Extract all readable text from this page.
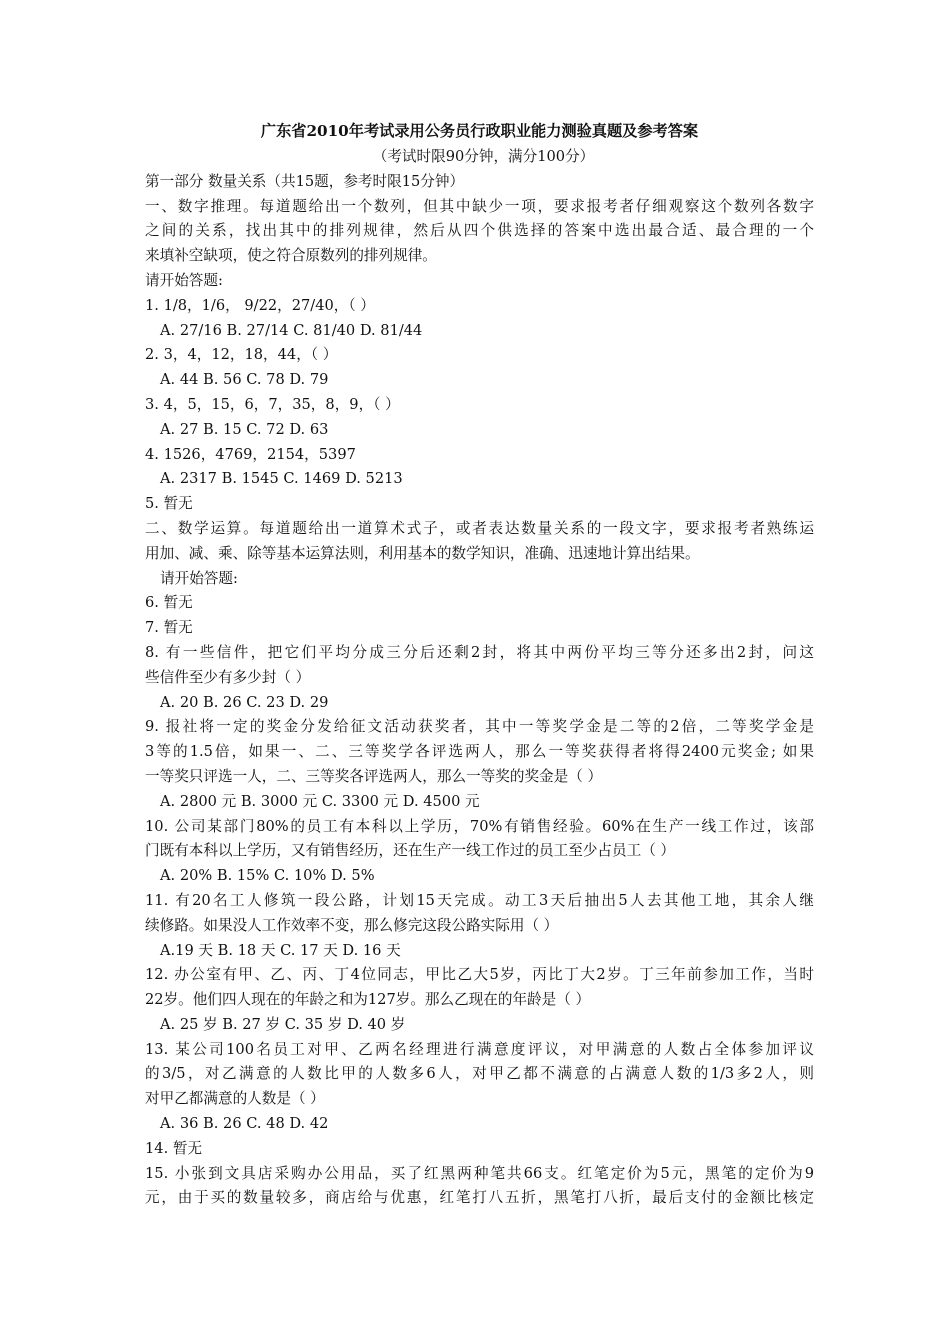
广东省2010年考试录用公务员行政职业能力测验真题及参考答案
（考试时限90分钟，满分100分）
第一部分 数量关系（共15题，参考时限15分钟）
一、数字推理。每道题给出一个数列，但其中缺少一项，要求报考者仔细观察这个数列各数字
之间的关系，找出其中的排列规律，然后从四个供选择的答案中选出最合适、最合理的一个
来填补空缺项，使之符合原数列的排列规律。
请开始答题:
1. 1/8，1/6， 9/22，27/40，（ ）
A. 27/16 B. 27/14 C. 81/40 D. 81/44
2. 3，4，12，18，44，（ ）
A. 44 B. 56 C. 78 D. 79
3. 4，5，15，6，7，35，8，9，（ ）
A. 27 B. 15 C. 72 D. 63
4. 1526，4769，2154，5397
A. 2317 B. 1545 C. 1469 D. 5213
5. 暂无
二、数学运算。每道题给出一道算术式子，或者表达数量关系的一段文字，要求报考者熟练运
用加、减、乘、除等基本运算法则，利用基本的数学知识，准确、迅速地计算出结果。
请开始答题:
6. 暂无
7. 暂无
8. 有一些信件，把它们平均分成三分后还剩2封，将其中两份平均三等分还多出2封，问这
些信件至少有多少封（ ）
A. 20 B. 26 C. 23 D. 29
9. 报社将一定的奖金分发给征文活动获奖者，其中一等奖学金是二等的2倍，二等奖学金是
3等的1.5倍，如果一、二、三等奖学各评选两人，那么一等奖获得者将得2400元奖金; 如果
一等奖只评选一人，二、三等奖各评选两人，那么一等奖的奖金是（ ）
A. 2800 元 B. 3000 元 C. 3300 元 D. 4500 元
10. 公司某部门80%的员工有本科以上学历，70%有销售经验。60%在生产一线工作过，该部
门既有本科以上学历，又有销售经历，还在生产一线工作过的员工至少占员工（ ）
A. 20% B. 15% C. 10% D. 5%
11. 有20名工人修筑一段公路，计划15天完成。动工3天后抽出5人去其他工地，其余人继
续修路。如果没人工作效率不变，那么修完这段公路实际用（ ）
A.19 天 B. 18 天 C. 17 天 D. 16 天
12. 办公室有甲、乙、丙、丁4位同志，甲比乙大5岁，丙比丁大2岁。丁三年前参加工作，当时
22岁。他们四人现在的年龄之和为127岁。那么乙现在的年龄是（ ）
A. 25 岁 B. 27 岁 C. 35 岁 D. 40 岁
13. 某公司100名员工对甲、乙两名经理进行满意度评议，对甲满意的人数占全体参加评议
的3/5，对乙满意的人数比甲的人数多6人，对甲乙都不满意的占满意人数的1/3多2人，则
对甲乙都满意的人数是（ ）
A. 36 B. 26 C. 48 D. 42
14. 暂无
15. 小张到文具店采购办公用品，买了红黑两种笔共66支。红笔定价为5元，黑笔的定价为9
元，由于买的数量较多，商店给与优惠，红笔打八五折，黑笔打八折，最后支付的金额比核定
